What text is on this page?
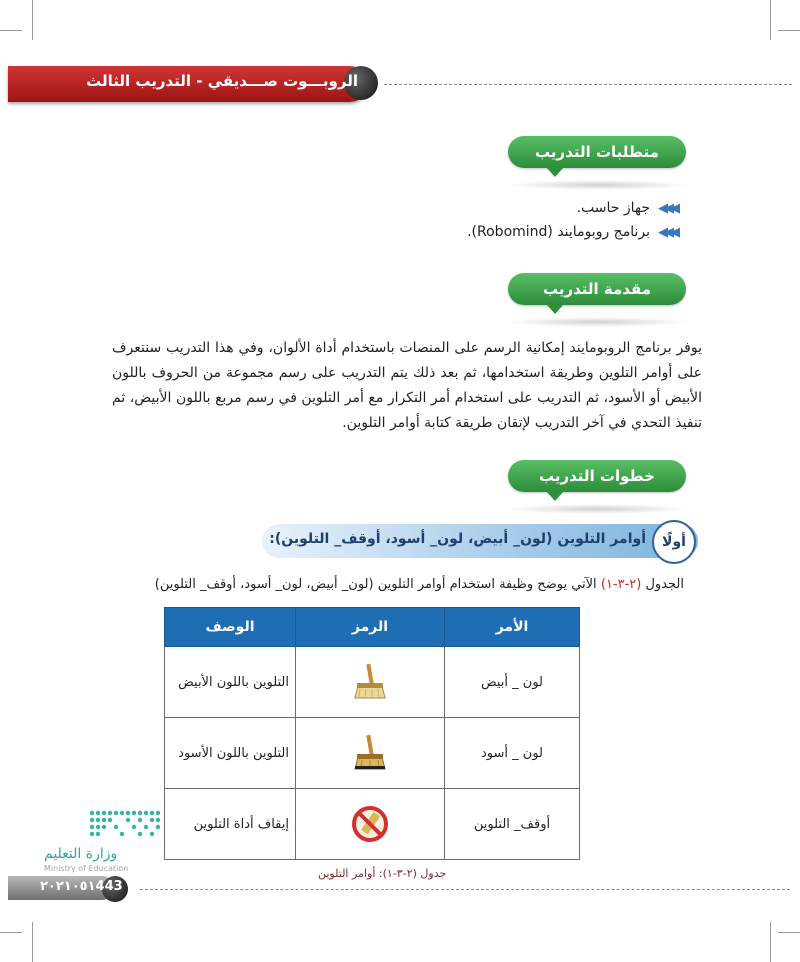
الروبـــوت صـــديقي - التدريب الثالث
متطلبات التدريب
◀◀◀
جهاز حاسب.
◀◀◀
برنامج روبومايند (Robomind).
مقدمة التدريب
يوفر برنامج الروبومايند إمكانية الرسم على المنصات باستخدام أداة الألوان، وفي هذا التدريب سنتعرف على أوامر التلوين وطريقة استخدامها، ثم بعد ذلك يتم التدريب على رسم مجموعة من الحروف باللون الأبيض أو الأسود، ثم التدريب على استخدام أمر التكرار مع أمر التلوين في رسم مربع باللون الأبيض، ثم تنفيذ التحدي في آخر التدريب لإتقان طريقة كتابة أوامر التلوين.
خطوات التدريب
أولًا
أوامر التلوين (لون_ أبيض، لون_ أسود، أوقف_ التلوين):
الجدول (٢-٣-١) الآتي يوضح وظيفة استخدام أوامر التلوين (لون_ أبيض، لون_ أسود، أوقف_ التلوين)
الأمر	الرمز	الوصف
لون _ أبيض		التلوين باللون الأبيض
لون _ أسود		التلوين باللون الأسود
أوقف_ التلوين		إيقاف أداة التلوين
جدول (٢-٣-١): أوامر التلوين
وزارة التعليم
Ministry of Education
٢٠٢١٠٥١443
